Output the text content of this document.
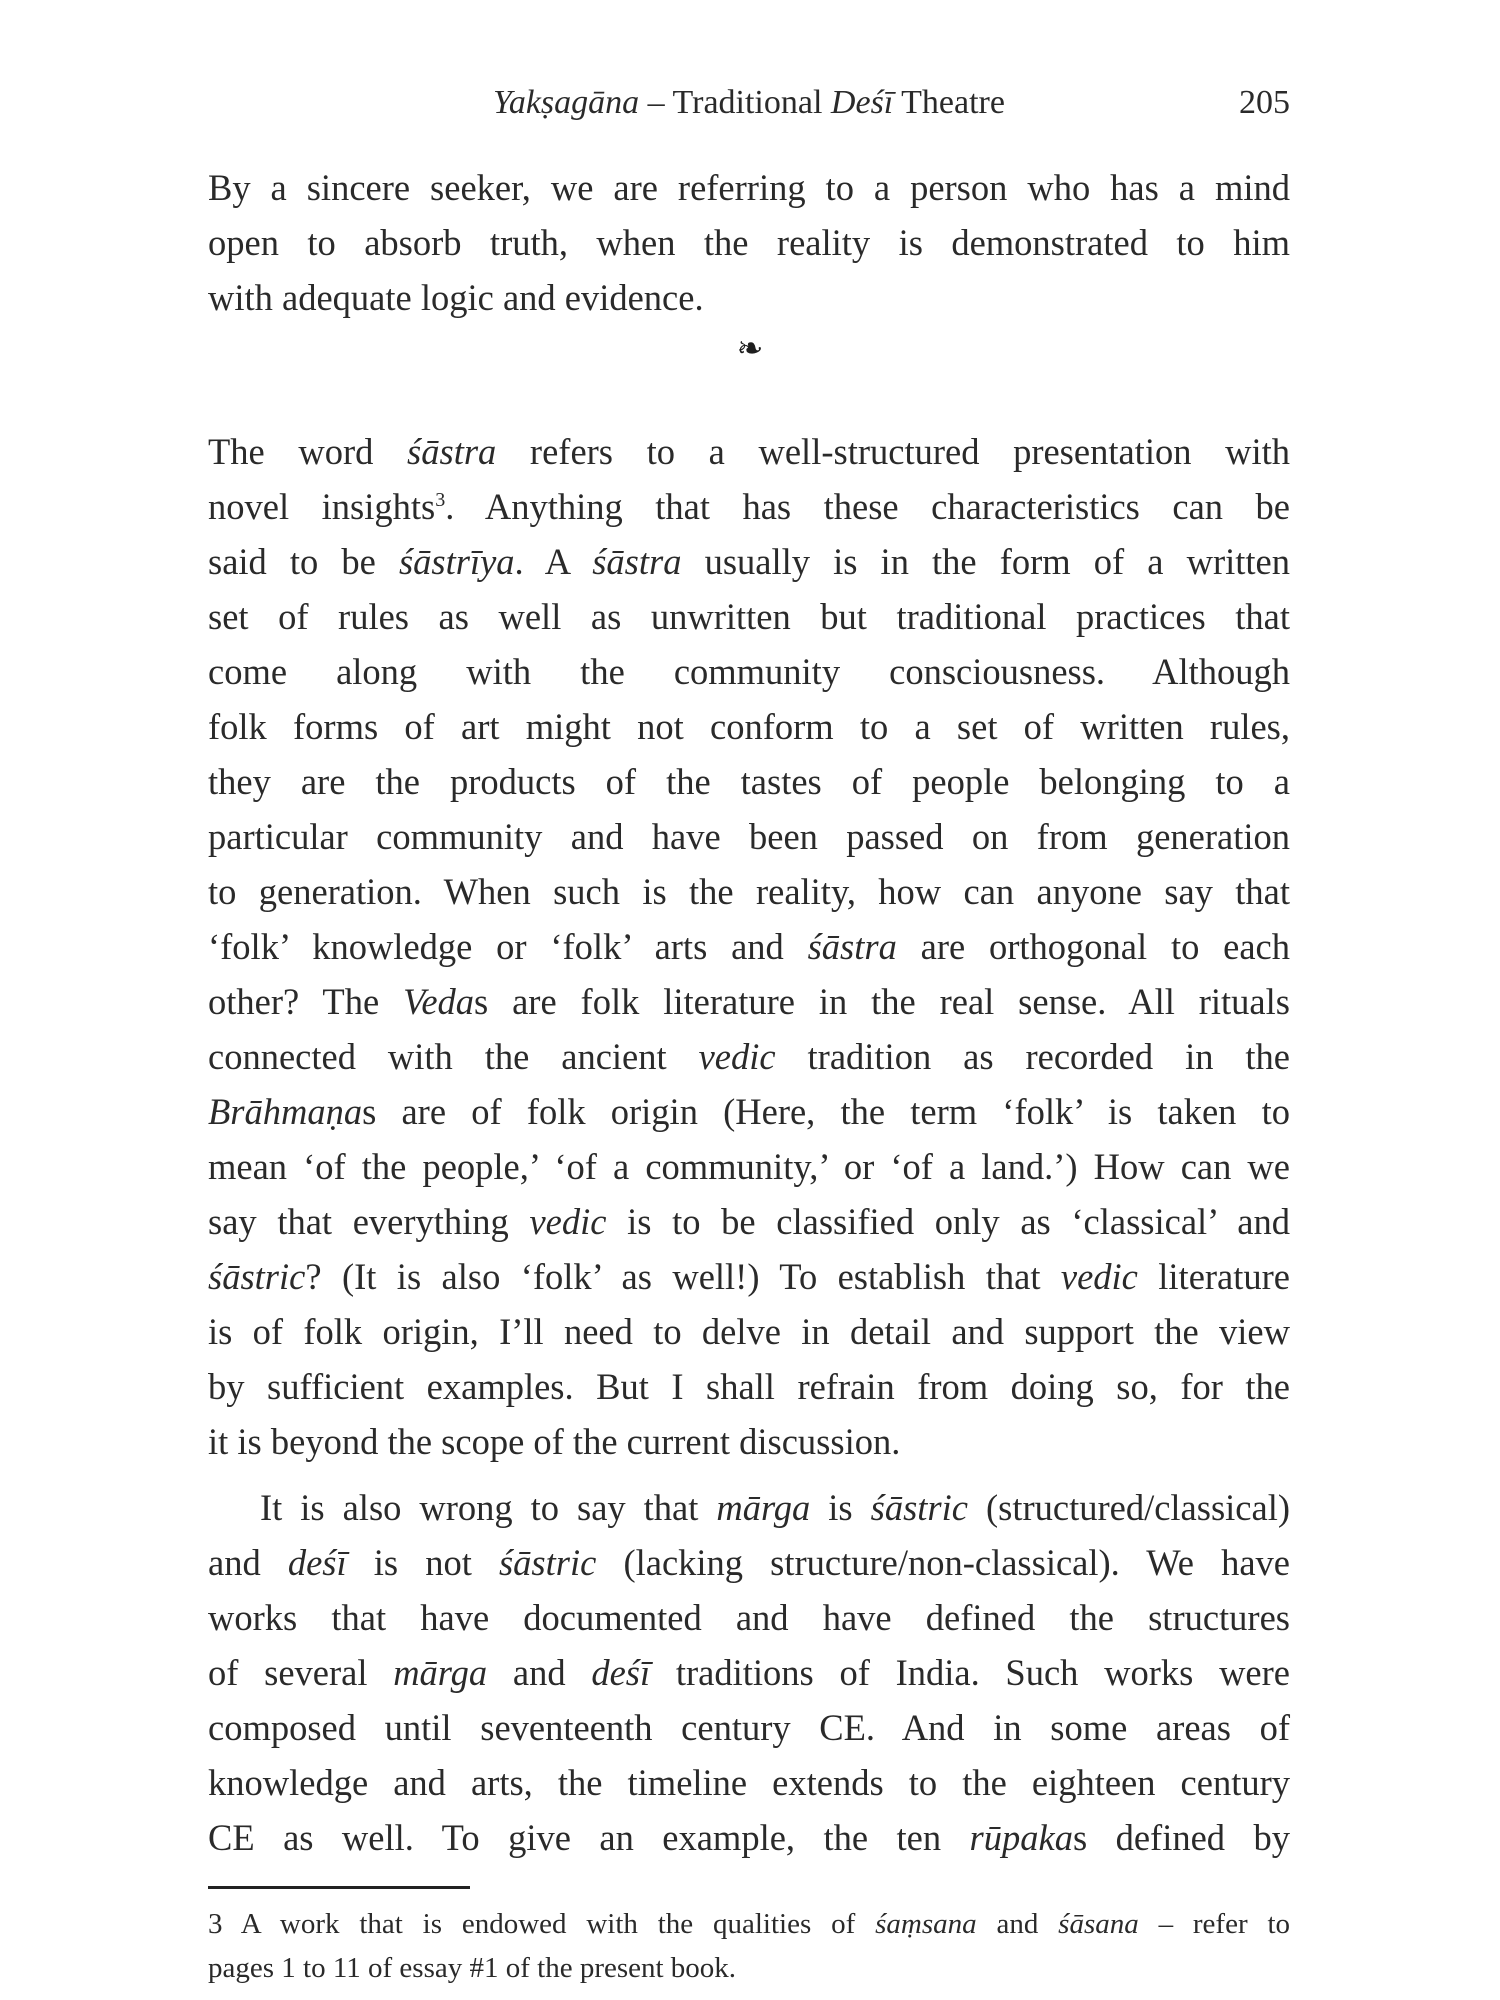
Yakṣagāna – Traditional Deśī Theatre	205
By a sincere seeker, we are referring to a person who has a mind
open to absorb truth, when the reality is demonstrated to him
with adequate logic and evidence.
❧
The word śāstra refers to a well-structured presentation with
novel insights$^3$. Anything that has these characteristics can be
said to be śāstrīya. A śāstra usually is in the form of a written
set of rules as well as unwritten but traditional practices that
come along with the community consciousness. Although
folk forms of art might not conform to a set of written rules,
they are the products of the tastes of people belonging to a
particular community and have been passed on from generation
to generation. When such is the reality, how can anyone say that
‘folk’ knowledge or ‘folk’ arts and śāstra are orthogonal to each
other? The Vedas are folk literature in the real sense. All rituals
connected with the ancient vedic tradition as recorded in the
Brāhmaṇas are of folk origin (Here, the term ‘folk’ is taken to
mean ‘of the people,’ ‘of a community,’ or ‘of a land.’) How can we
say that everything vedic is to be classified only as ‘classical’ and
śāstric? (It is also ‘folk’ as well!) To establish that vedic literature
is of folk origin, I’ll need to delve in detail and support the view
by sufficient examples. But I shall refrain from doing so, for the
it is beyond the scope of the current discussion.
It is also wrong to say that mārga is śāstric (structured/classical)
and deśī is not śāstric (lacking structure/non-classical). We have
works that have documented and have defined the structures
of several mārga and deśī traditions of India. Such works were
composed until seventeenth century CE. And in some areas of
knowledge and arts, the timeline extends to the eighteen century
CE as well. To give an example, the ten rūpakas defined by
3 A work that is endowed with the qualities of śaṃsana and śāsana – refer to
pages 1 to 11 of essay #1 of the present book.
